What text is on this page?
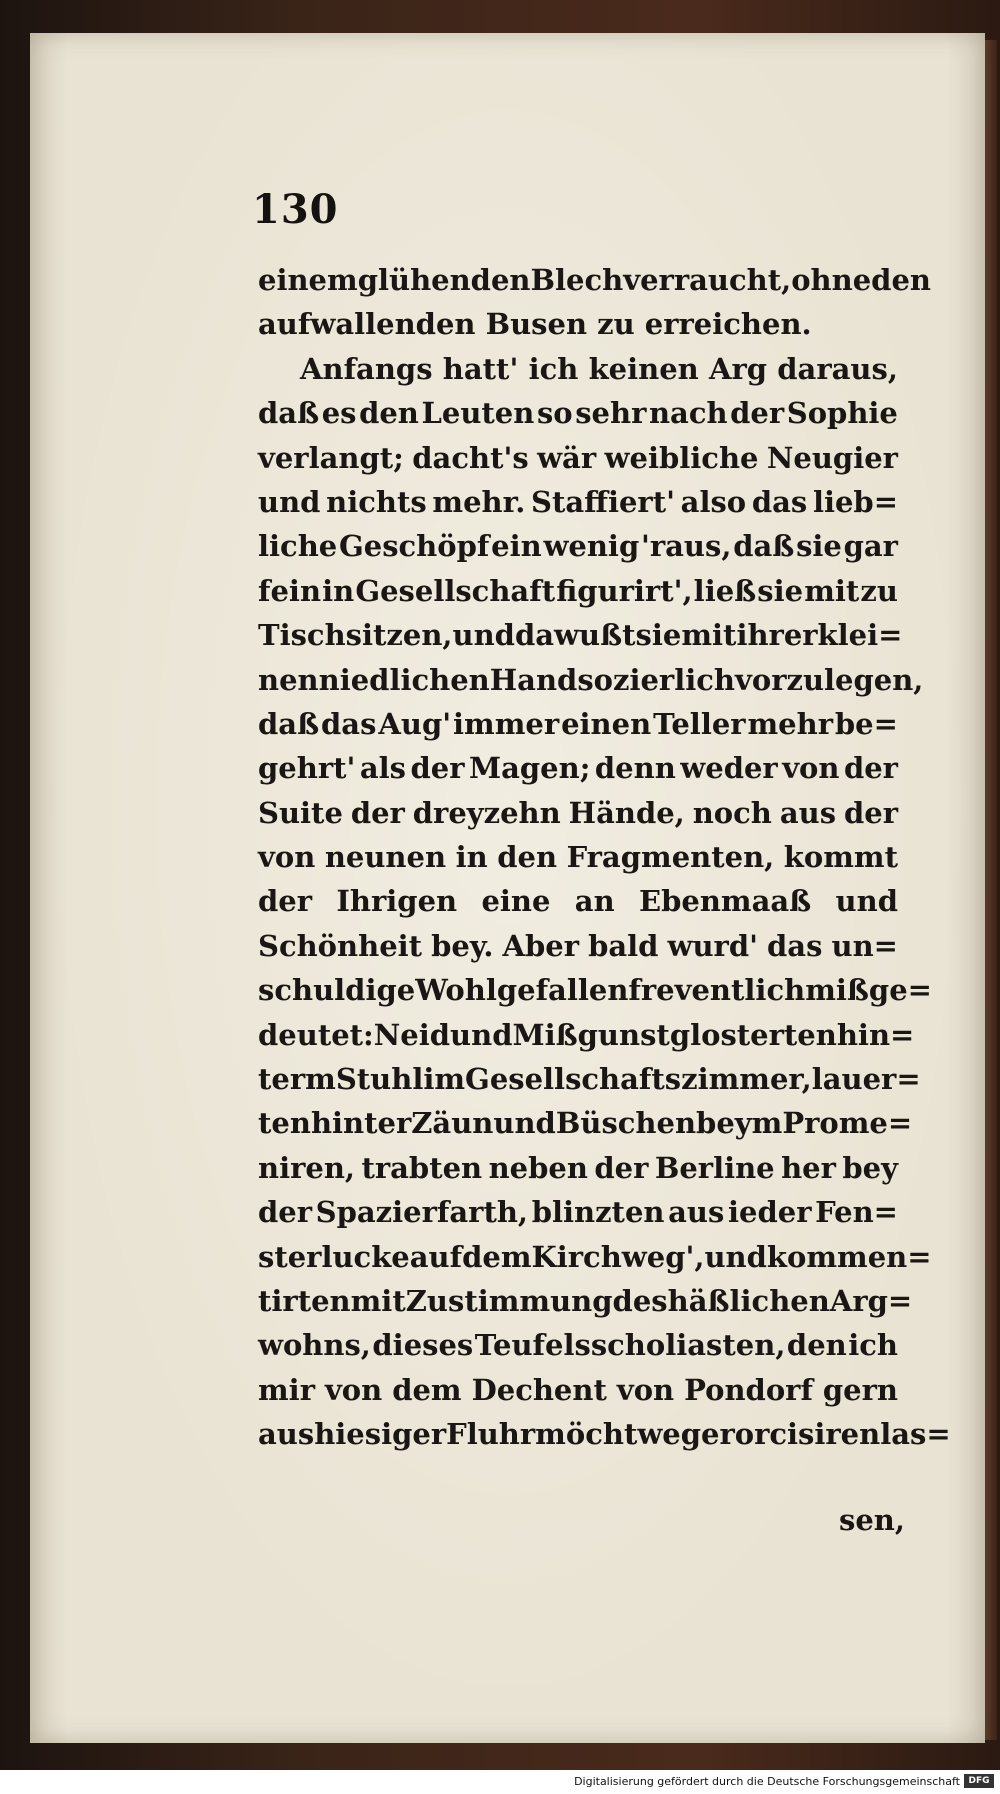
130
einem glühenden Blech verraucht, ohne den
aufwallenden Busen zu erreichen.
Anfangs hatt' ich keinen Arg daraus,
daß es den Leuten so sehr nach der Sophie
verlangt; dacht's wär weibliche Neugier
und nichts mehr. Staffiert' also das lieb=
liche Geschöpf ein wenig 'raus, daß sie gar
fein in Gesellschaft figurirt', ließ sie mit zu
Tisch sitzen, und da wußt sie mit ihrer klei=
nen niedlichen Hand so zierlich vorzulegen,
daß das Aug' immer einen Teller mehr be=
gehrt' als der Magen; denn weder von der
Suite der dreyzehn Hände, noch aus der
von neunen in den Fragmenten, kommt
der Ihrigen eine an Ebenmaaß und
Schönheit bey. Aber bald wurd' das un=
schuldige Wohlgefallen freventlich mißge=
deutet: Neid und Mißgunst glosterten hin=
term Stuhl im Gesellschaftszimmer, lauer=
ten hinter Zäun und Büschen beym Prome=
niren, trabten neben der Berline her bey
der Spazierfarth, blinzten aus ieder Fen=
sterlucke auf dem Kirchweg', und kommen=
tirten mit Zustimmung des häßlichen Arg=
wohns, dieses Teufelsscholiasten, den ich
mir von dem Dechent von Pondorf gern
aus hiesiger Fluhr möcht wegerorcisiren las=
sen,
Digitalisierung gefördert durch die Deutsche Forschungsgemeinschaft DFG
